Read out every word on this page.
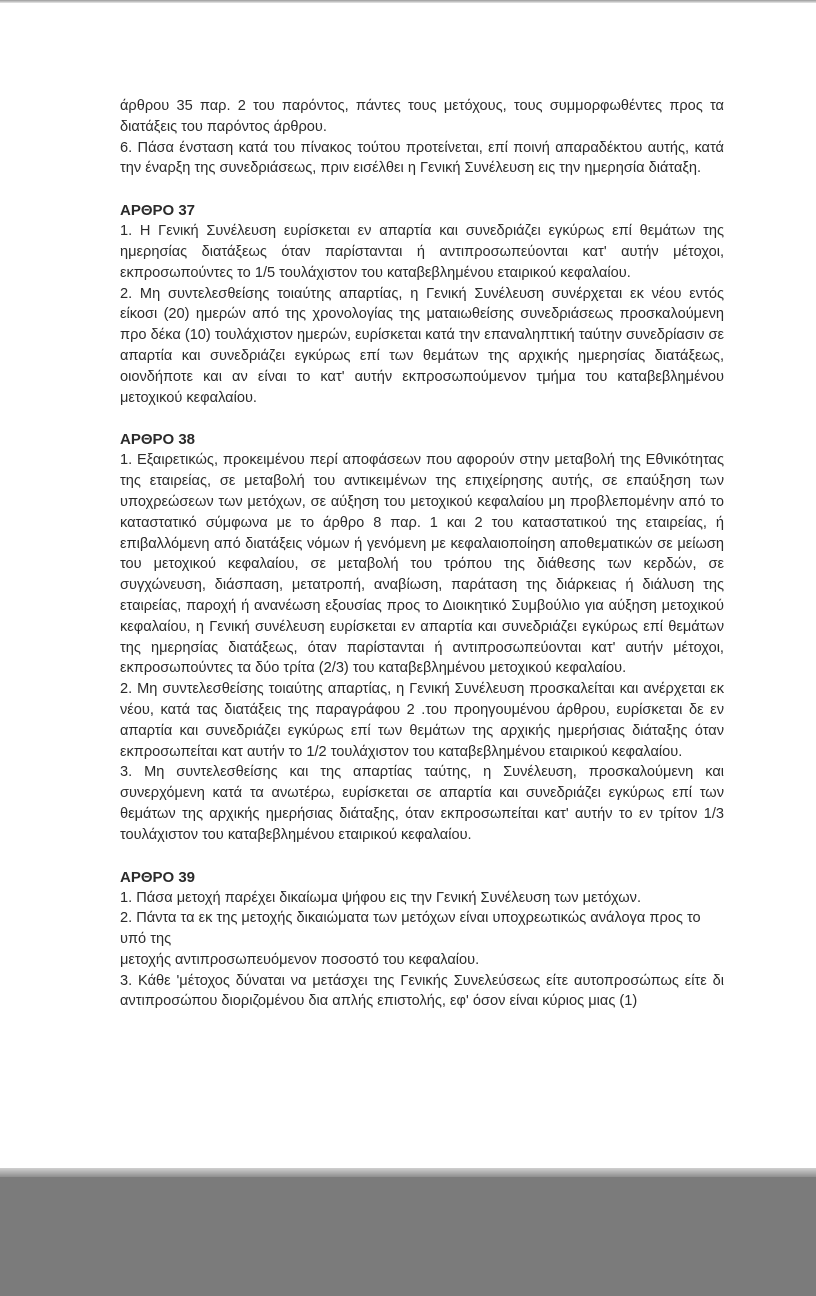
άρθρου 35 παρ. 2 του παρόντος, πάντες τους μετόχους, τους συμμορφωθέντες προς τα διατάξεις του παρόντος άρθρου.

6. Πάσα ένσταση κατά του πίνακος τούτου προτείνεται, επί ποινή απαραδέκτου αυτής, κατά την έναρξη της συνεδριάσεως, πριν εισέλθει η Γενική Συνέλευση εις την ημερησία διάταξη.

ΑΡΘΡΟ 37

1. Η Γενική Συνέλευση ευρίσκεται εν απαρτία και συνεδριάζει εγκύρως επί θεμάτων της ημερησίας διατάξεως όταν παρίστανται ή αντιπροσωπεύονται κατ' αυτήν μέτοχοι, εκπροσωπούντες το 1/5 τουλάχιστον του καταβεβλημένου εταιρικού κεφαλαίου.

2. Μη συντελεσθείσης τοιαύτης απαρτίας, η Γενική Συνέλευση συνέρχεται εκ νέου εντός είκοσι (20) ημερών από της χρονολογίας της ματαιωθείσης συνεδριάσεως προσκαλούμενη προ δέκα (10) τουλάχιστον ημερών, ευρίσκεται κατά την επαναληπτική ταύτην συνεδρίασιν σε απαρτία και συνεδριάζει εγκύρως επί των θεμάτων της αρχικής ημερησίας διατάξεως, οιονδήποτε και αν είναι το κατ' αυτήν εκπροσωπούμενον τμήμα του καταβεβλημένου μετοχικού κεφαλαίου.

ΑΡΘΡΟ 38

1. Εξαιρετικώς, προκειμένου περί αποφάσεων που αφορούν στην μεταβολή της Εθνικότητας της εταιρείας, σε μεταβολή του αντικειμένων της επιχείρησης αυτής, σε επαύξηση των υποχρεώσεων των μετόχων, σε αύξηση του μετοχικού κεφαλαίου μη προβλεπομένην από το καταστατικό σύμφωνα με το άρθρο 8 παρ. 1 και 2 του καταστατικού της εταιρείας, ή επιβαλλόμενη από διατάξεις νόμων ή γενόμενη με κεφαλαιοποίηση αποθεματικών σε μείωση του μετοχικού κεφαλαίου, σε μεταβολή του τρόπου της διάθεσης των κερδών, σε συγχώνευση, διάσπαση, μετατροπή, αναβίωση, παράταση της διάρκειας ή διάλυση της εταιρείας, παροχή ή ανανέωση εξουσίας προς το Διοικητικό Συμβούλιο για αύξηση μετοχικού κεφαλαίου, η Γενική συνέλευση ευρίσκεται εν απαρτία και συνεδριάζει εγκύρως επί θεμάτων της ημερησίας διατάξεως, όταν παρίστανται ή αντιπροσωπεύονται κατ' αυτήν μέτοχοι, εκπροσωπούντες τα δύο τρίτα (2/3) του καταβεβλημένου μετοχικού κεφαλαίου.

2. Μη συντελεσθείσης τοιαύτης απαρτίας, η Γενική Συνέλευση προσκαλείται και ανέρχεται εκ νέου, κατά τας διατάξεις της παραγράφου 2 .του προηγουμένου άρθρου, ευρίσκεται δε εν απαρτία και συνεδριάζει εγκύρως επί των θεμάτων της αρχικής ημερήσιας διάταξης όταν εκπροσωπείται κατ αυτήν το 1/2 τουλάχιστον του καταβεβλημένου εταιρικού κεφαλαίου.

3. Μη συντελεσθείσης και της απαρτίας ταύτης, η Συνέλευση, προσκαλούμενη και συνερχόμενη κατά τα ανωτέρω, ευρίσκεται σε απαρτία και συνεδριάζει εγκύρως επί των θεμάτων της αρχικής ημερήσιας διάταξης, όταν εκπροσωπείται κατ' αυτήν το εν τρίτον 1/3 τουλάχιστον του καταβεβλημένου εταιρικού κεφαλαίου.

ΑΡΘΡΟ 39

1. Πάσα μετοχή παρέχει δικαίωμα ψήφου εις την Γενική Συνέλευση των μετόχων.

2. Πάντα τα εκ της μετοχής δικαιώματα των μετόχων είναι υποχρεωτικώς ανάλογα προς το υπό της

μετοχής αντιπροσωπευόμενον ποσοστό του κεφαλαίου.

3. Κάθε 'μέτοχος δύναται να μετάσχει της Γενικής Συνελεύσεως είτε αυτοπροσώπως είτε δι αντιπροσώπου διοριζομένου δια απλής επιστολής, εφ' όσον είναι κύριος μιας (1)
